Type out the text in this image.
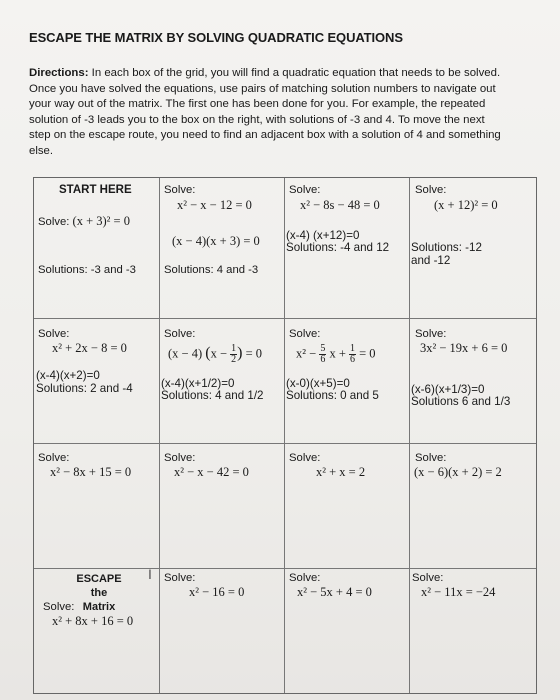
ESCAPE THE MATRIX BY SOLVING QUADRATIC EQUATIONS
Directions: In each box of the grid, you will find a quadratic equation that needs to be solved.
Once you have solved the equations, use pairs of matching solution numbers to navigate out
your way out of the matrix. The first one has been done for you. For example, the repeated
solution of -3 leads you to the box on the right, with solutions of -3 and 4. To move the next
step on the escape route, you need to find an adjacent box with a solution of 4 and something
else.
START HERE
Solve: (x + 3)² = 0
Solutions: -3 and -3
Solve:
x² − x − 12 = 0
(x − 4)(x + 3) = 0
Solutions: 4 and -3
Solve:
x² − 8s − 48 = 0
(x-4) (x+12)=0
Solutions: -4 and 12
Solve:
(x + 12)² = 0
Solutions: -12
and -12
Solve:
x² + 2x − 8 = 0
(x-4)(x+2)=0
Solutions: 2 and -4
Solve:
(x − 4) ($x - \frac{1}{2}$ ) = 0
(x-4)(x+1/2)=0
Solutions: 4 and 1/2
Solve:
$x^2 - \frac{5}{6}$ $x + \frac{1}{6} = 0$
(x-0)(x+5)=0
Solutions: 0 and 5
Solve:
3x² − 19x + 6 = 0
(x-6)(x+1/3)=0
Solutions 6 and 1/3
Solve:
x² − 8x + 15 = 0
Solve:
x² − x − 42 = 0
Solve:
x² + x = 2
Solve:
(x − 6)(x + 2) = 2
ESCAPE
the Matrix
Solve:
x² + 8x + 16 = 0
I Solve:
x² − 16 = 0
Solve:
x² − 5x + 4 = 0
Solve:
x² − 11x = −24
